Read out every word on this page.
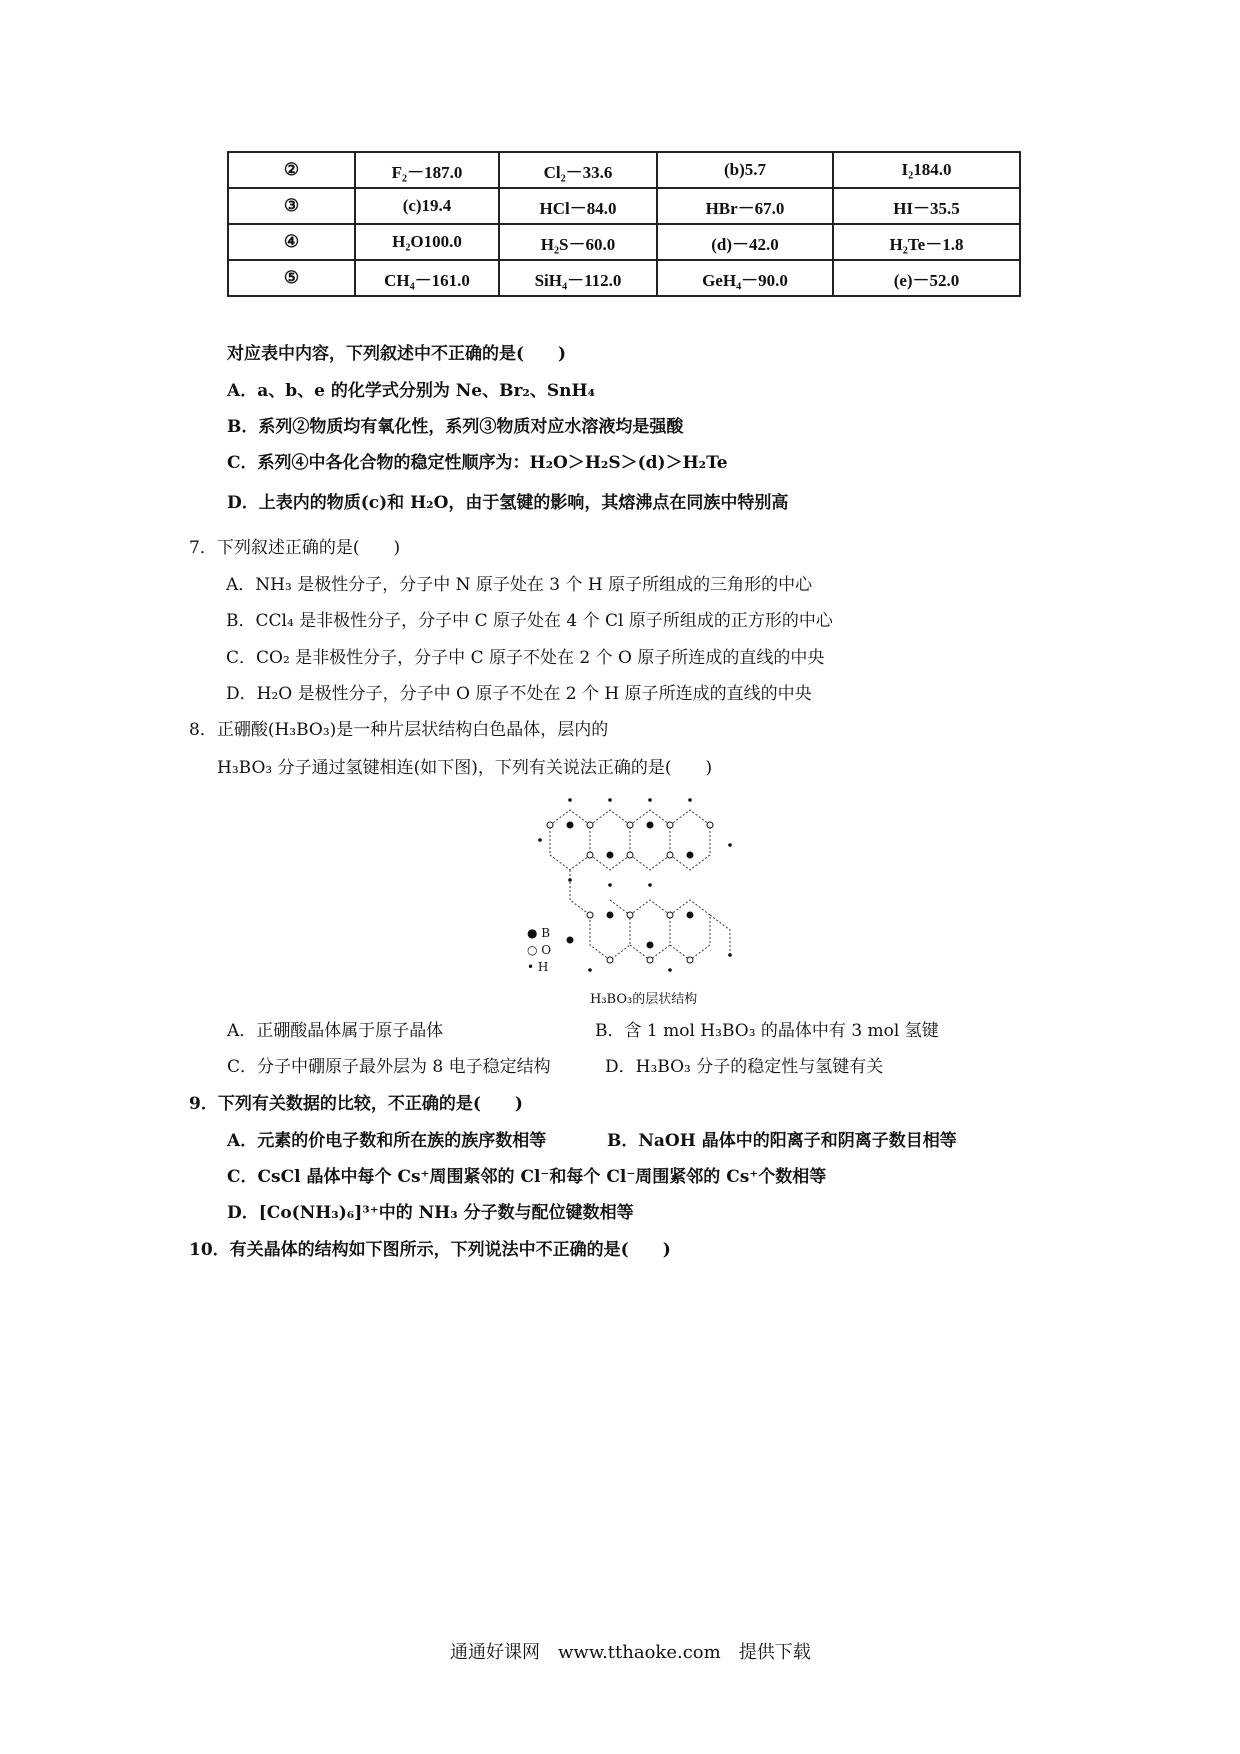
②	F₂－187.0	Cl₂－33.6	(b)5.7	I₂184.0
③	(c)19.4	HCl－84.0	HBr－67.0	HI－35.5
④	H₂O100.0	H₂S－60.0	(d)－42.0	H₂Te－1.8
⑤	CH₄－161.0	SiH₄－112.0	GeH₄－90.0	(e)－52.0
对应表中内容，下列叙述中不正确的是(　　)
A．a、b、e 的化学式分别为 Ne、Br₂、SnH₄
B．系列②物质均有氧化性，系列③物质对应水溶液均是强酸
C．系列④中各化合物的稳定性顺序为：H₂O＞H₂S＞(d)＞H₂Te
D．上表内的物质(c)和 H₂O，由于氢键的影响，其熔沸点在同族中特别高
7．下列叙述正确的是(　　)
A．NH₃ 是极性分子，分子中 N 原子处在 3 个 H 原子所组成的三角形的中心
B．CCl₄ 是非极性分子，分子中 C 原子处在 4 个 Cl 原子所组成的正方形的中心
C．CO₂ 是非极性分子，分子中 C 原子不处在 2 个 O 原子所连成的直线的中央
D．H₂O 是极性分子，分子中 O 原子不处在 2 个 H 原子所连成的直线的中央
8．正硼酸(H₃BO₃)是一种片层状结构白色晶体，层内的
H₃BO₃ 分子通过氢键相连(如下图)，下列有关说法正确的是(　　)
● B
○ O
• H
H₃BO₃的层状结构
A．正硼酸晶体属于原子晶体	B．含 1 mol H₃BO₃ 的晶体中有 3 mol 氢键
C．分子中硼原子最外层为 8 电子稳定结构	D．H₃BO₃ 分子的稳定性与氢键有关
9．下列有关数据的比较，不正确的是(　　)
A．元素的价电子数和所在族的族序数相等	B．NaOH 晶体中的阳离子和阴离子数目相等
C．CsCl 晶体中每个 Cs⁺周围紧邻的 Cl⁻和每个 Cl⁻周围紧邻的 Cs⁺个数相等
D．[Co(NH₃)₆]³⁺中的 NH₃ 分子数与配位键数相等
10．有关晶体的结构如下图所示，下列说法中不正确的是(　　)
通通好课网　www.tthaoke.com　提供下载
